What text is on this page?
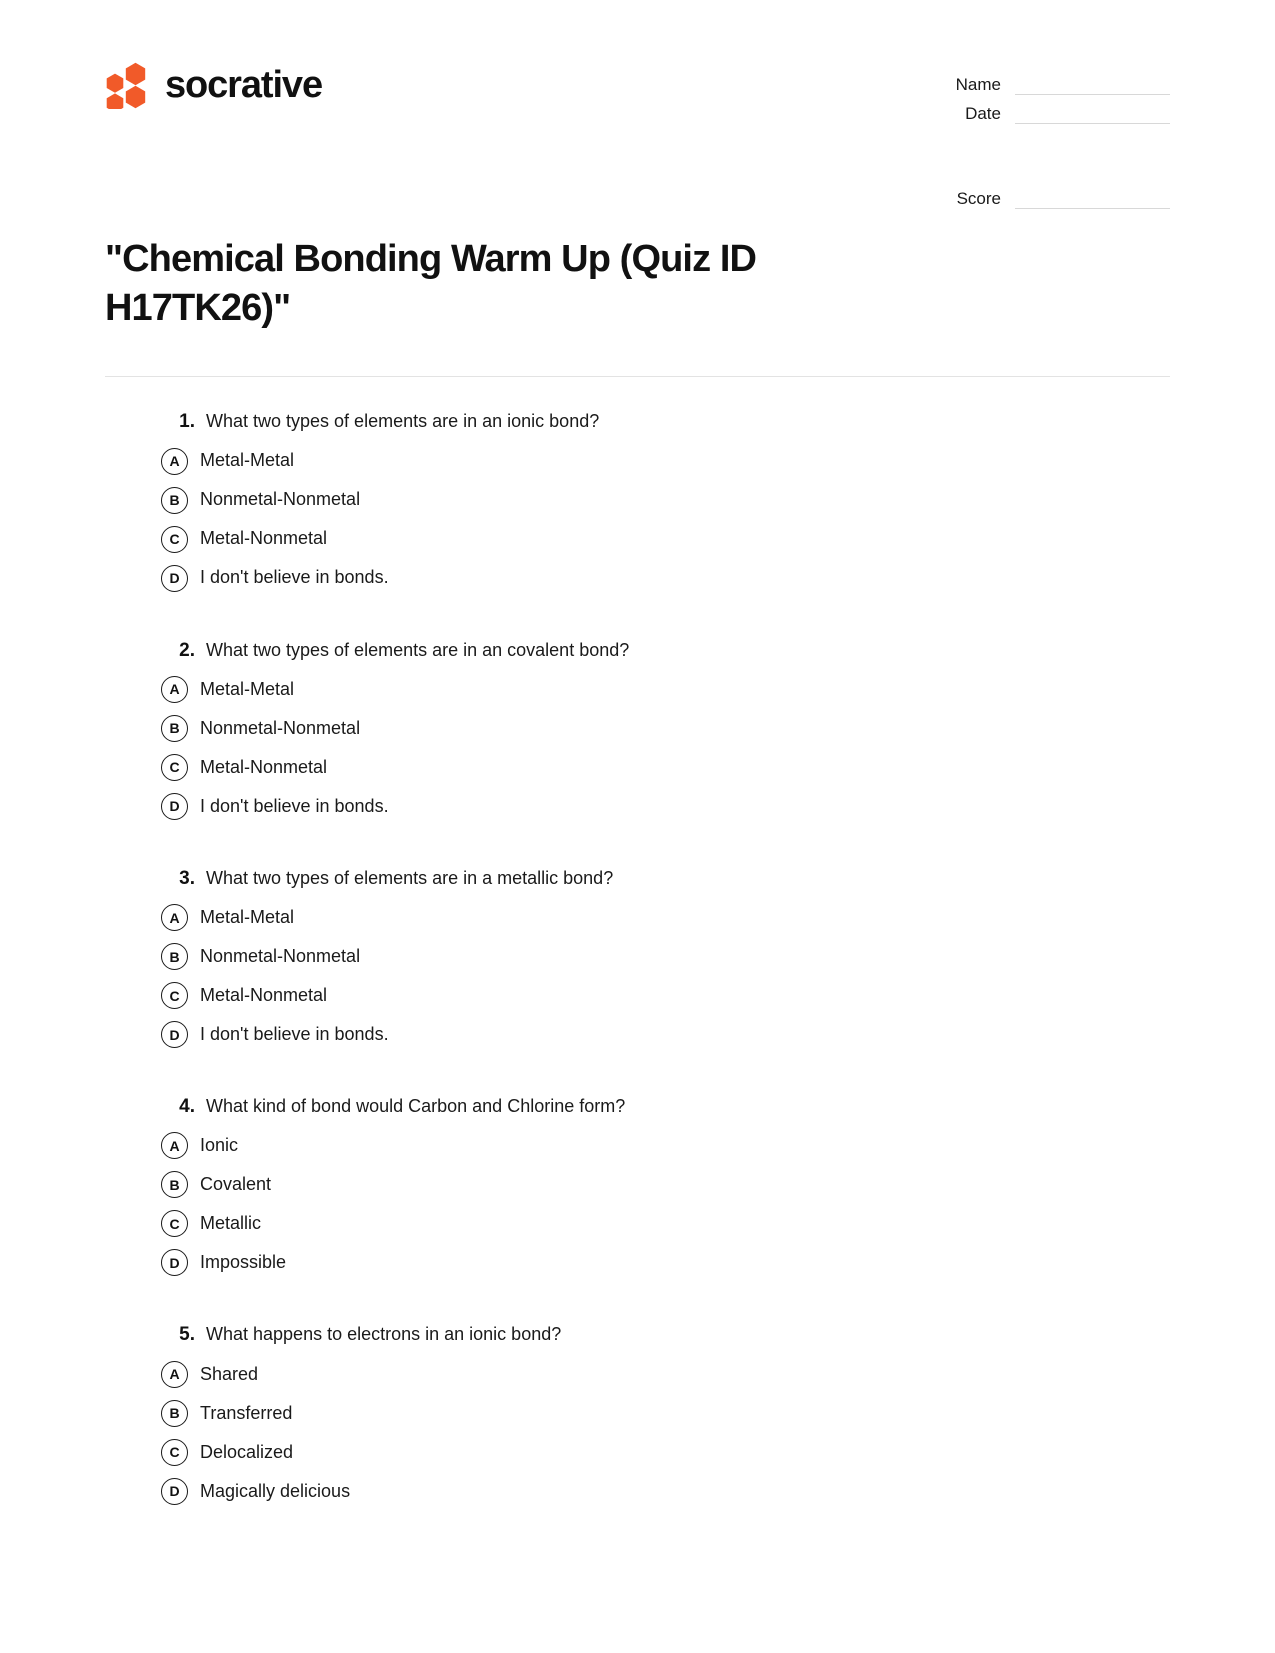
socrative	Name
Date
Score
"Chemical Bonding Warm Up (Quiz ID H17TK26)"
1. What two types of elements are in an ionic bond?
A	Metal-Metal
B	Nonmetal-Nonmetal
C	Metal-Nonmetal
D	I don't believe in bonds.
2. What two types of elements are in an covalent bond?
A	Metal-Metal
B	Nonmetal-Nonmetal
C	Metal-Nonmetal
D	I don't believe in bonds.
3. What two types of elements are in a metallic bond?
A	Metal-Metal
B	Nonmetal-Nonmetal
C	Metal-Nonmetal
D	I don't believe in bonds.
4. What kind of bond would Carbon and Chlorine form?
A	Ionic
B	Covalent
C	Metallic
D	Impossible
5. What happens to electrons in an ionic bond?
A	Shared
B	Transferred
C	Delocalized
D	Magically delicious
